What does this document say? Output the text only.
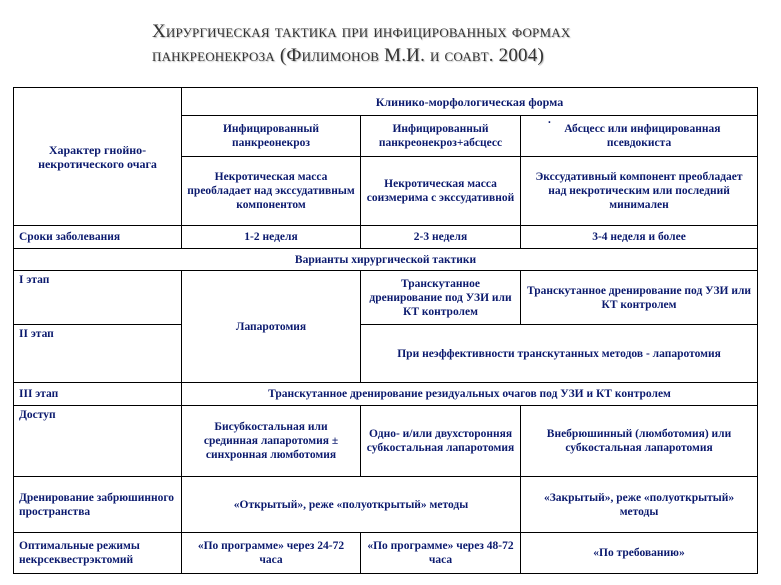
Хирургическая тактика при инфицированных формах
панкреонекроза (Филимонов М.И. и соавт. 2004)
Характер гнойно-некротического очага	Клинико-морфологическая форма		
	Инфицированный панкреонекроз	Инфицированный панкреонекроз+абсцесс	· Абсцесс или инфицированная псевдокиста
	Некротическая масса преобладает над экссудативным компонентом	Некротическая масса соизмерима с экссудативной	Экссудативный компонент преобладает над некротическим или последний минимален
Сроки заболевания	1-2 неделя	2-3 неделя	3-4 неделя и более
Варианты хирургической тактики			
I этап	Лапаротомия	Транскутанное дренирование под УЗИ или КТ контролем	Транскутанное дренирование под УЗИ или КТ контролем
II этап		При неэффективности транскутанных методов - лапаротомия	
III этап	Транскутанное дренирование резидуальных очагов под УЗИ и КТ контролем		
Доступ	Бисубкостальная или срединная лапаротомия ± синхронная люмботомия	Одно- и/или двухсторонняя субкостальная лапаротомия	Внебрюшинный (люмботомия) или субкостальная лапаротомия
Дренирование забрюшинного пространства	«Открытый», реже «полуоткрытый» методы		«Закрытый», реже «полуоткрытый» методы
Оптимальные режимы некрсеквестрэктомий	«По программе» через 24-72 часа	«По программе» через 48-72 часа	«По требованию»
